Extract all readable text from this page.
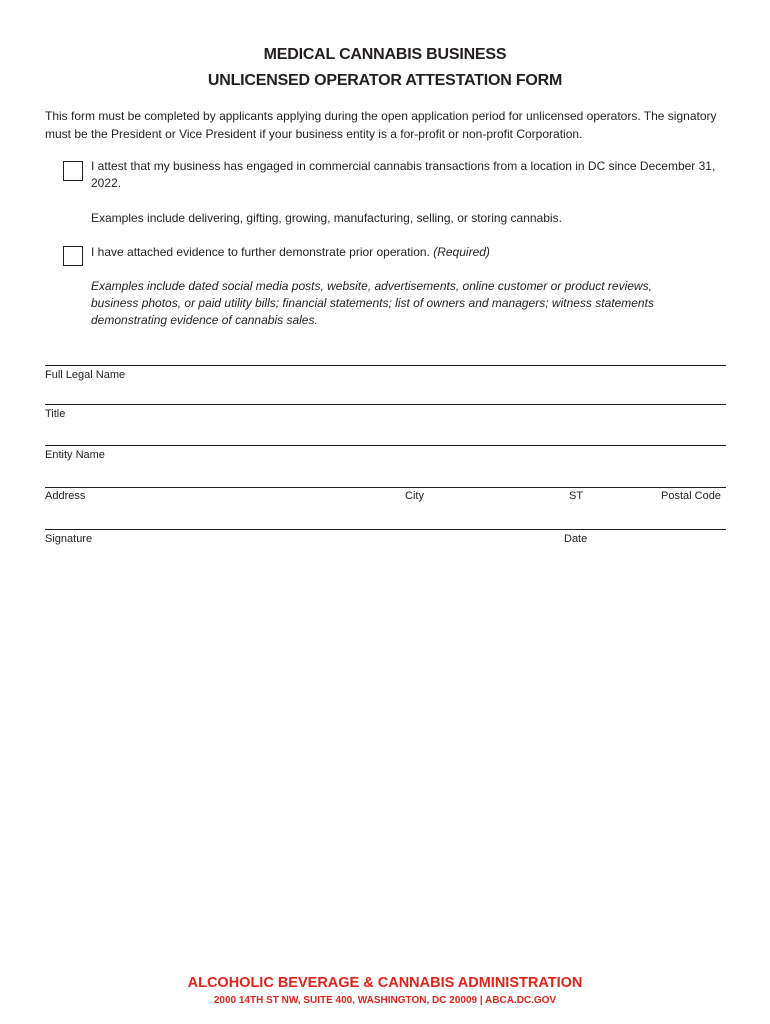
MEDICAL CANNABIS BUSINESS
UNLICENSED OPERATOR ATTESTATION FORM
This form must be completed by applicants applying during the open application period for unlicensed operators. The signatory must be the President or Vice President if your business entity is a for-profit or non-profit Corporation.
I attest that my business has engaged in commercial cannabis transactions from a location in DC since December 31, 2022.
Examples include delivering, gifting, growing, manufacturing, selling, or storing cannabis.
I have attached evidence to further demonstrate prior operation. (Required)
Examples include dated social media posts, website, advertisements, online customer or product reviews, business photos, or paid utility bills; financial statements; list of owners and managers; witness statements demonstrating evidence of cannabis sales.
Full Legal Name
Title
Entity Name
Address	City	ST	Postal Code
Signature	Date
ALCOHOLIC BEVERAGE & CANNABIS ADMINISTRATION
2000 14TH ST NW, SUITE 400, WASHINGTON, DC 20009 | ABCA.DC.GOV
